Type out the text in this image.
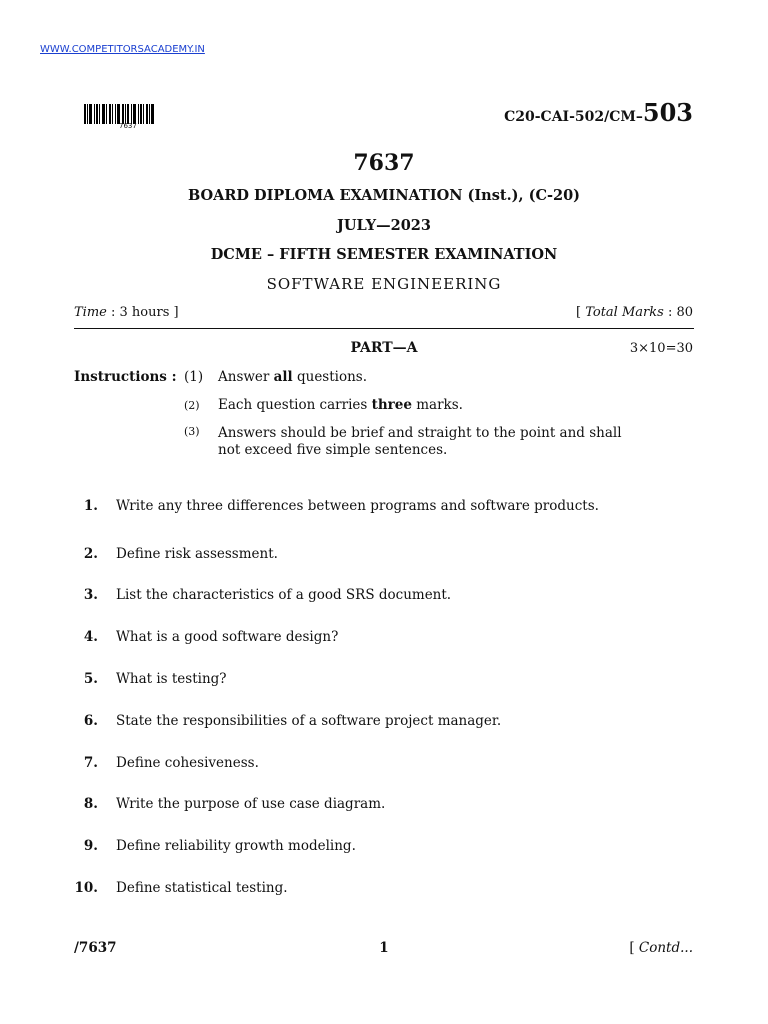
WWW.COMPETITORSACADEMY.IN
7637
C20-CAI-502/CM–503
7637
BOARD DIPLOMA EXAMINATION (Inst.), (C-20)
JULY—2023
DCME – FIFTH SEMESTER EXAMINATION
SOFTWARE ENGINEERING
Time : 3 hours ]	[ Total Marks : 80
PART—A	3×10=30
Instructions : (1) Answer all questions.
(2) Each question carries three marks.
(3) Answers should be brief and straight to the point and shall
not exceed five simple sentences.
1. Write any three differences between programs and software products.
2. Define risk assessment.
3. List the characteristics of a good SRS document.
4. What is a good software design?
5. What is testing?
6. State the responsibilities of a software project manager.
7. Define cohesiveness.
8. Write the purpose of use case diagram.
9. Define reliability growth modeling.
10. Define statistical testing.
/7637	1	[ Contd...
